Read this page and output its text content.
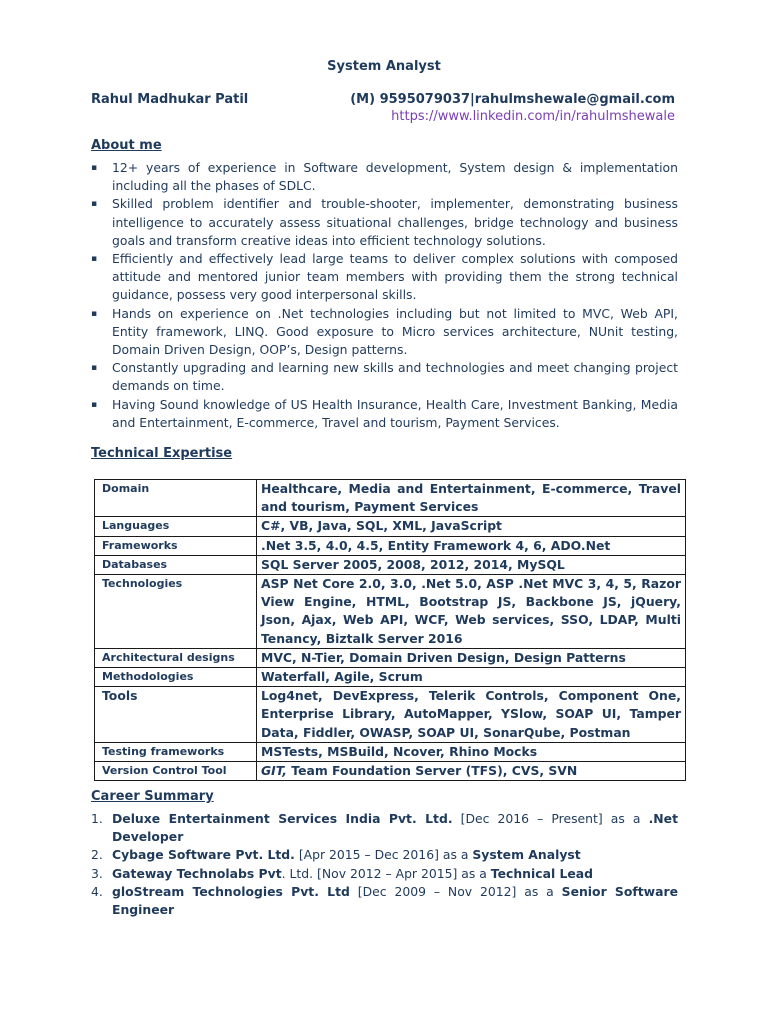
System Analyst
Rahul Madhukar Patil	(M) 9595079037|rahulmshewale@gmail.com
https://www.linkedin.com/in/rahulmshewale
About me
▪ 12+ years of experience in Software development, System design & implementation including all the phases of SDLC.
▪ Skilled problem identifier and trouble-shooter, implementer, demonstrating business intelligence to accurately assess situational challenges, bridge technology and business goals and transform creative ideas into efficient technology solutions.
▪ Efficiently and effectively lead large teams to deliver complex solutions with composed attitude and mentored junior team members with providing them the strong technical guidance, possess very good interpersonal skills.
▪ Hands on experience on .Net technologies including but not limited to MVC, Web API, Entity framework, LINQ. Good exposure to Micro services architecture, NUnit testing, Domain Driven Design, OOP’s, Design patterns.
▪ Constantly upgrading and learning new skills and technologies and meet changing project demands on time.
▪ Having Sound knowledge of US Health Insurance, Health Care, Investment Banking, Media and Entertainment, E-commerce, Travel and tourism, Payment Services.
Technical Expertise
Domain	Healthcare, Media and Entertainment, E-commerce, Travel and tourism, Payment Services
Languages	C#, VB, Java, SQL, XML, JavaScript
Frameworks	.Net 3.5, 4.0, 4.5, Entity Framework 4, 6, ADO.Net
Databases	SQL Server 2005, 2008, 2012, 2014, MySQL
Technologies	ASP Net Core 2.0, 3.0, .Net 5.0, ASP .Net MVC 3, 4, 5, Razor View Engine, HTML, Bootstrap JS, Backbone JS, jQuery, Json, Ajax, Web API, WCF, Web services, SSO, LDAP, Multi Tenancy, Biztalk Server 2016
Architectural designs	MVC, N-Tier, Domain Driven Design, Design Patterns
Methodologies	Waterfall, Agile, Scrum
Tools	Log4net, DevExpress, Telerik Controls, Component One, Enterprise Library, AutoMapper, YSlow, SOAP UI, Tamper Data, Fiddler, OWASP, SOAP UI, SonarQube, Postman
Testing frameworks	MSTests, MSBuild, Ncover, Rhino Mocks
Version Control Tool	GIT, Team Foundation Server (TFS), CVS, SVN
Career Summary
1. Deluxe Entertainment Services India Pvt. Ltd. [Dec 2016 – Present] as a .Net Developer
2. Cybage Software Pvt. Ltd. [Apr 2015 – Dec 2016] as a System Analyst
3. Gateway Technolabs Pvt. Ltd. [Nov 2012 – Apr 2015] as a Technical Lead
4. gloStream Technologies Pvt. Ltd [Dec 2009 – Nov 2012] as a Senior Software Engineer
